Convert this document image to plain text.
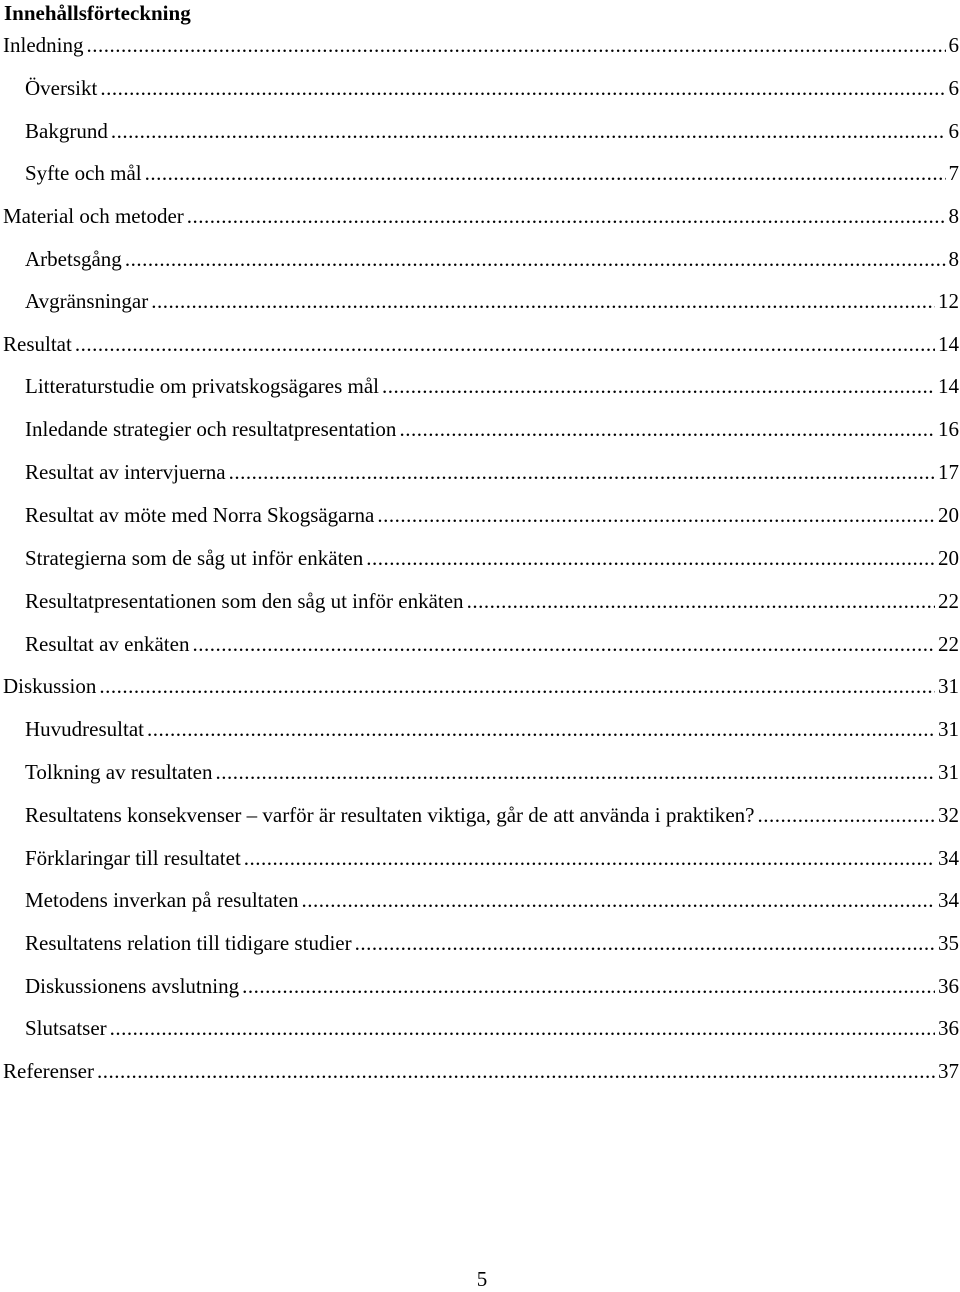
Innehållsförteckning
Inledning .....	6
Översikt .....	6
Bakgrund .....	6
Syfte och mål .....	7
Material och metoder .....	8
Arbetsgång .....	8
Avgränsningar .....	12
Resultat .....	14
Litteraturstudie om privatskogsägares mål .....	14
Inledande strategier och resultatpresentation .....	16
Resultat av intervjuerna .....	17
Resultat av möte med Norra Skogsägarna .....	20
Strategierna som de såg ut inför enkäten .....	20
Resultatpresentationen som den såg ut inför enkäten .....	22
Resultat av enkäten .....	22
Diskussion .....	31
Huvudresultat .....	31
Tolkning av resultaten .....	31
Resultatens konsekvenser – varför är resultaten viktiga, går de att använda i praktiken? .....	32
Förklaringar till resultatet .....	34
Metodens inverkan på resultaten .....	34
Resultatens relation till tidigare studier .....	35
Diskussionens avslutning .....	36
Slutsatser .....	36
Referenser .....	37
5
